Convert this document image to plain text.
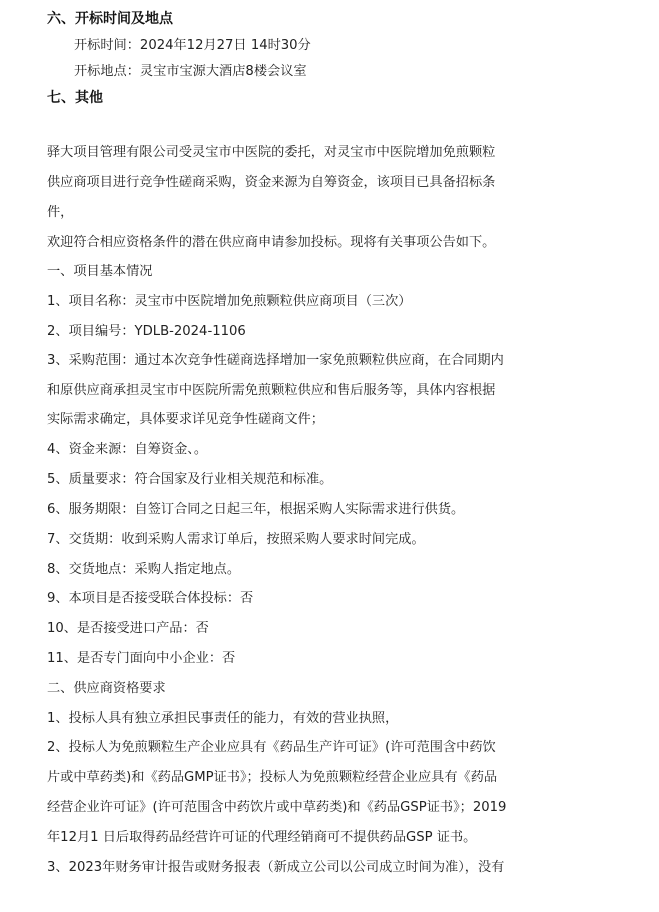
六、开标时间及地点
开标时间：2024年12月27日 14时30分
开标地点：灵宝市宝源大酒店8楼会议室
七、其他
驿大项目管理有限公司受灵宝市中医院的委托，对灵宝市中医院增加免煎颗粒
供应商项目进行竞争性磋商采购，资金来源为自筹资金，该项目已具备招标条
件，
欢迎符合相应资格条件的潜在供应商申请参加投标。现将有关事项公告如下。
一、项目基本情况
1、项目名称：灵宝市中医院增加免煎颗粒供应商项目（三次）
2、项目编号：YDLB-2024-1106
3、采购范围：通过本次竞争性磋商选择增加一家免煎颗粒供应商，在合同期内
和原供应商承担灵宝市中医院所需免煎颗粒供应和售后服务等，具体内容根据
实际需求确定，具体要求详见竞争性磋商文件；
4、资金来源：自筹资金、。
5、质量要求：符合国家及行业相关规范和标准。
6、服务期限：自签订合同之日起三年，根据采购人实际需求进行供货。
7、交货期：收到采购人需求订单后，按照采购人要求时间完成。
8、交货地点：采购人指定地点。
9、本项目是否接受联合体投标：否
10、是否接受进口产品：否
11、是否专门面向中小企业：否
二、供应商资格要求
1、投标人具有独立承担民事责任的能力，有效的营业执照，
2、投标人为免煎颗粒生产企业应具有《药品生产许可证》(许可范围含中药饮
片或中草药类)和《药品GMP证书》；投标人为免煎颗粒经营企业应具有《药品
经营企业许可证》(许可范围含中药饮片或中草药类)和《药品GSP证书》；2019
年12月1 日后取得药品经营许可证的代理经销商可不提供药品GSP 证书。
3、2023年财务审计报告或财务报表（新成立公司以公司成立时间为准），没有
